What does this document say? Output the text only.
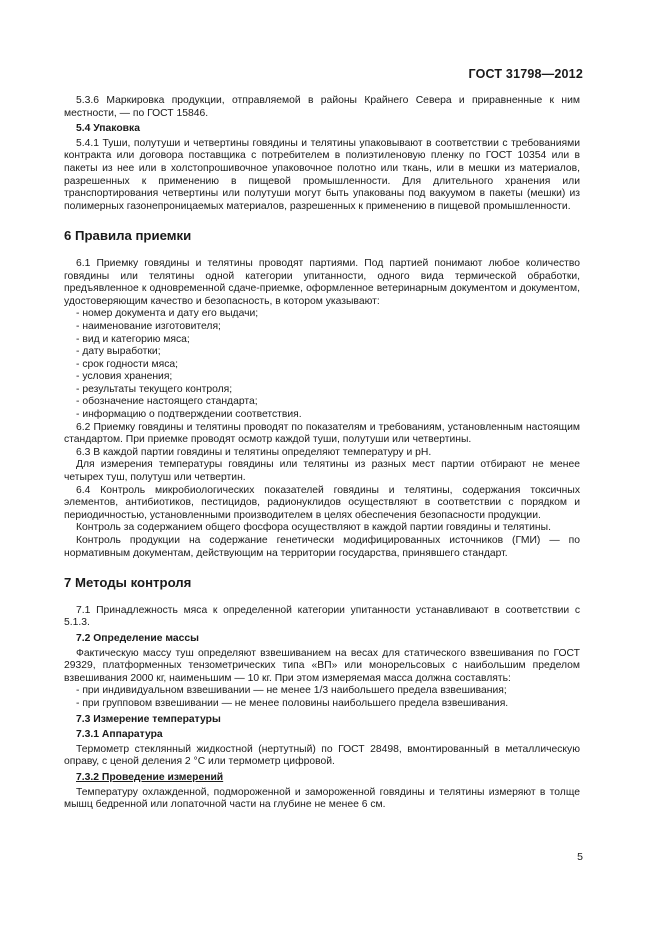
ГОСТ 31798—2012
5.3.6 Маркировка продукции, отправляемой в районы Крайнего Севера и приравненные к ним местности, — по ГОСТ 15846.
5.4 Упаковка
5.4.1 Туши, полутуши и четвертины говядины и телятины упаковывают в соответствии с требованиями контракта или договора поставщика с потребителем в полиэтиленовую пленку по ГОСТ 10354 или в пакеты из нее или в холстопрошивочное упаковочное полотно или ткань, или в мешки из материалов, разрешенных к применению в пищевой промышленности. Для длительного хранения или транспортирования четвертины или полутуши могут быть упакованы под вакуумом в пакеты (мешки) из полимерных газонепроницаемых материалов, разрешенных к применению в пищевой промышленности.
6 Правила приемки
6.1 Приемку говядины и телятины проводят партиями. Под партией понимают любое количество говядины или телятины одной категории упитанности, одного вида термической обработки, предъявленное к одновременной сдаче-приемке, оформленное ветеринарным документом и документом, удостоверяющим качество и безопасность, в котором указывают:
- номер документа и дату его выдачи;
- наименование изготовителя;
- вид и категорию мяса;
- дату выработки;
- срок годности мяса;
- условия хранения;
- результаты текущего контроля;
- обозначение настоящего стандарта;
- информацию о подтверждении соответствия.
6.2 Приемку говядины и телятины проводят по показателям и требованиям, установленным настоящим стандартом. При приемке проводят осмотр каждой туши, полутуши или четвертины.
6.3 В каждой партии говядины и телятины определяют температуру и pH.
Для измерения температуры говядины или телятины из разных мест партии отбирают не менее четырех туш, полутуш или четвертин.
6.4 Контроль микробиологических показателей говядины и телятины, содержания токсичных элементов, антибиотиков, пестицидов, радионуклидов осуществляют в соответствии с порядком и периодичностью, установленными производителем в целях обеспечения безопасности продукции.
Контроль за содержанием общего фосфора осуществляют в каждой партии говядины и телятины.
Контроль продукции на содержание генетически модифицированных источников (ГМИ) — по нормативным документам, действующим на территории государства, принявшего стандарт.
7 Методы контроля
7.1 Принадлежность мяса к определенной категории упитанности устанавливают в соответствии с 5.1.3.
7.2 Определение массы
Фактическую массу туш определяют взвешиванием на весах для статического взвешивания по ГОСТ 29329, платформенных тензометрических типа «ВП» или монорельсовых с наибольшим пределом взвешивания 2000 кг, наименьшим — 10 кг. При этом измеряемая масса должна составлять:
- при индивидуальном взвешивании — не менее 1/3 наибольшего предела взвешивания;
- при групповом взвешивании — не менее половины наибольшего предела взвешивания.
7.3 Измерение температуры
7.3.1 Аппаратура
Термометр стеклянный жидкостной (нертутный) по ГОСТ 28498, вмонтированный в металлическую оправу, с ценой деления 2 °С или термометр цифровой.
7.3.2 Проведение измерений
Температуру охлажденной, подмороженной и замороженной говядины и телятины измеряют в толще мышц бедренной или лопаточной части на глубине не менее 6 см.
5
